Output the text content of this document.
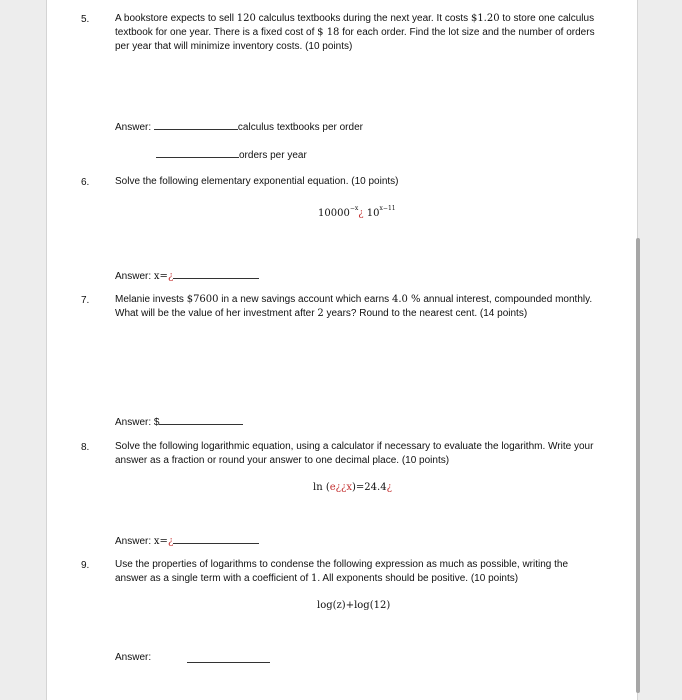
5.	A bookstore expects to sell 120 calculus textbooks during the next year. It costs $1.20 to store one calculus textbook for one year. There is a fixed cost of $ 18 for each order. Find the lot size and the number of orders per year that will minimize inventory costs. (10 points)
Answer:	calculus textbooks per order
orders per year
6.	Solve the following elementary exponential equation. (10 points)
$10000^{-x}¿$ $10^{x-11}$
Answer: x=¿
7.	Melanie invests $7600 in a new savings account which earns 4.0 % annual interest, compounded monthly. What will be the value of her investment after 2 years? Round to the nearest cent. (14 points)
Answer: $
8.	Solve the following logarithmic equation, using a calculator if necessary to evaluate the logarithm. Write your answer as a fraction or round your answer to one decimal place. (10 points)
ln (e¿¿x)=24.4¿
Answer: x=¿
9.	Use the properties of logarithms to condense the following expression as much as possible, writing the answer as a single term with a coefficient of 1. All exponents should be positive. (10 points)
log(z)+log(12)
Answer:
